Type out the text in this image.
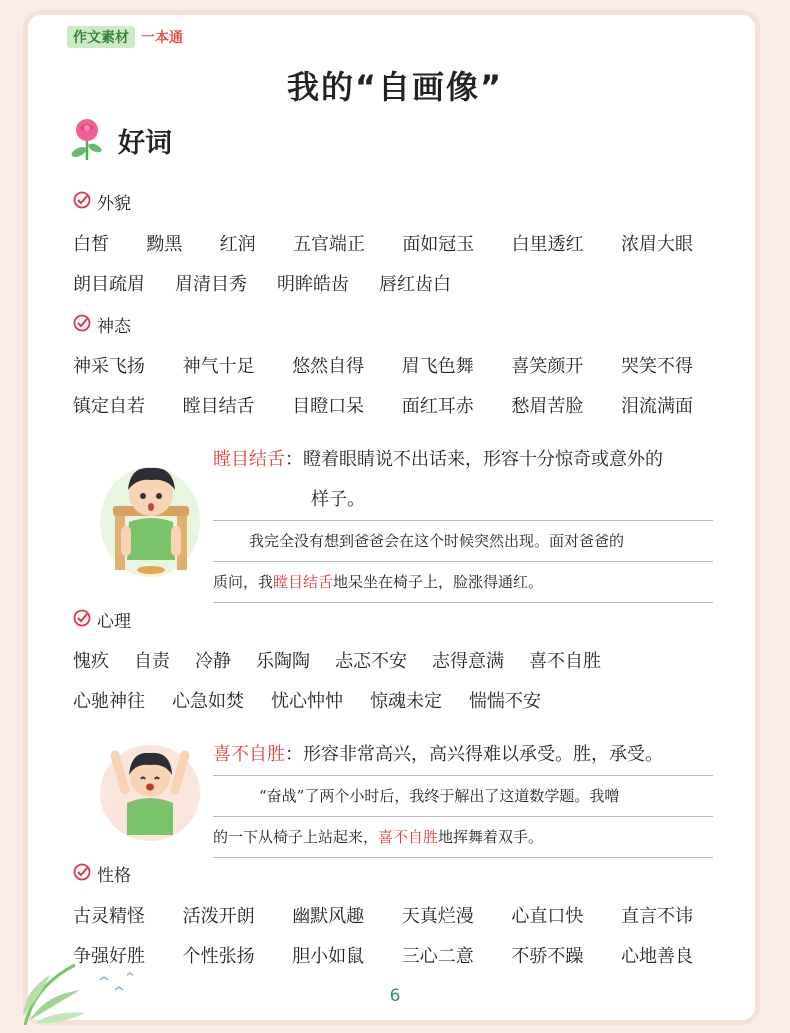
作文素材 一本通
我的“自画像”
好词
外貌
白皙 黝黑 红润 五官端正 面如冠玉 白里透红 浓眉大眼
朗目疏眉 眉清目秀 明眸皓齿 唇红齿白
神态
神采飞扬 神气十足 悠然自得 眉飞色舞 喜笑颜开 哭笑不得
镇定自若 瞠目结舌 目瞪口呆 面红耳赤 愁眉苦脸 泪流满面
瞠目结舌：瞪着眼睛说不出话来，形容十分惊奇或意外的
样子。
我完全没有想到爸爸会在这个时候突然出现。面对爸爸的
质问，我瞠目结舌地呆坐在椅子上，脸涨得通红。
心理
愧疚 自责 冷静 乐陶陶 忐忑不安 志得意满 喜不自胜
心驰神往 心急如焚 忧心忡忡 惊魂未定 惴惴不安
喜不自胜：形容非常高兴，高兴得难以承受。胜，承受。
“奋战”了两个小时后，我终于解出了这道数学题。我噌
的一下从椅子上站起来，喜不自胜地挥舞着双手。
性格
古灵精怪 活泼开朗 幽默风趣 天真烂漫 心直口快 直言不讳
争强好胜 个性张扬 胆小如鼠 三心二意 不骄不躁 心地善良
6
